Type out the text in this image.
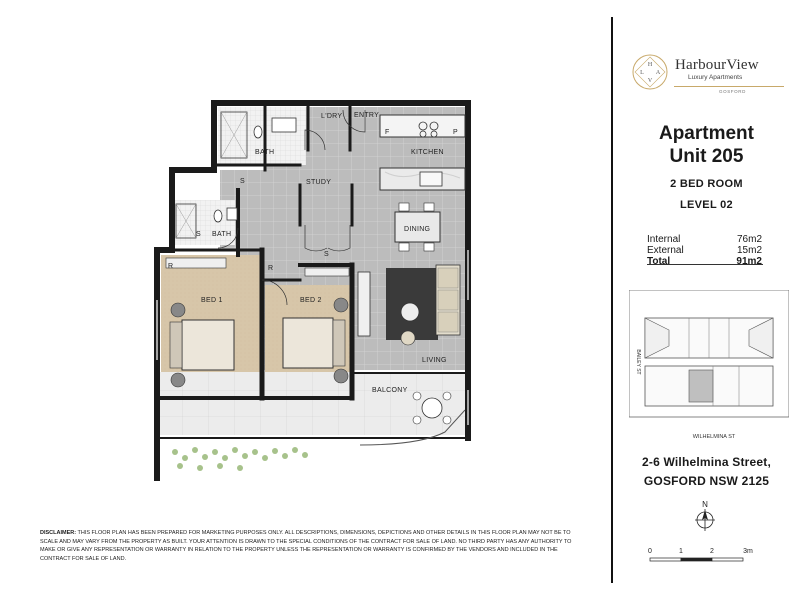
BATH
L'DRY ENTRY
KITCHEN
STUDY
BATH
DINING
BED 1	BED 2
LIVING
BALCONY
F	P
S
S
S
R	R
DISCLAIMER: THIS FLOOR PLAN HAS BEEN PREPARED FOR MARKETING PURPOSES ONLY. ALL DESCRIPTIONS, DIMENSIONS, DEPICTIONS AND OTHER DETAILS IN THIS FLOOR PLAN MAY NOT BE TO SCALE AND MAY VARY FROM THE PROPERTY AS BUILT. YOUR ATTENTION IS DRAWN TO THE SPECIAL CONDITIONS OF THE CONTRACT FOR SALE OF LAND. NO THIRD PARTY HAS ANY AUTHORITY TO MAKE OR GIVE ANY REPRESENTATION OR WARRANTY IN RELATION TO THE PROPERTY UNLESS THE REPRESENTATION OR WARRANTY IS CONFIRMED BY THE VENDORS AND INCLUDED IN THE CONTRACT FOR SALE OF LAND.
H
L A
V
HarbourView
Luxury Apartments
GOSFORD
Apartment
Unit 205
2 BED ROOM
LEVEL 02
Internal	76m2
External	15m2
Total	91m2
BAILEY ST
WILHELMINA ST
2-6 Wilhelmina Street,
GOSFORD NSW 2125
N
0	1	2	3m
